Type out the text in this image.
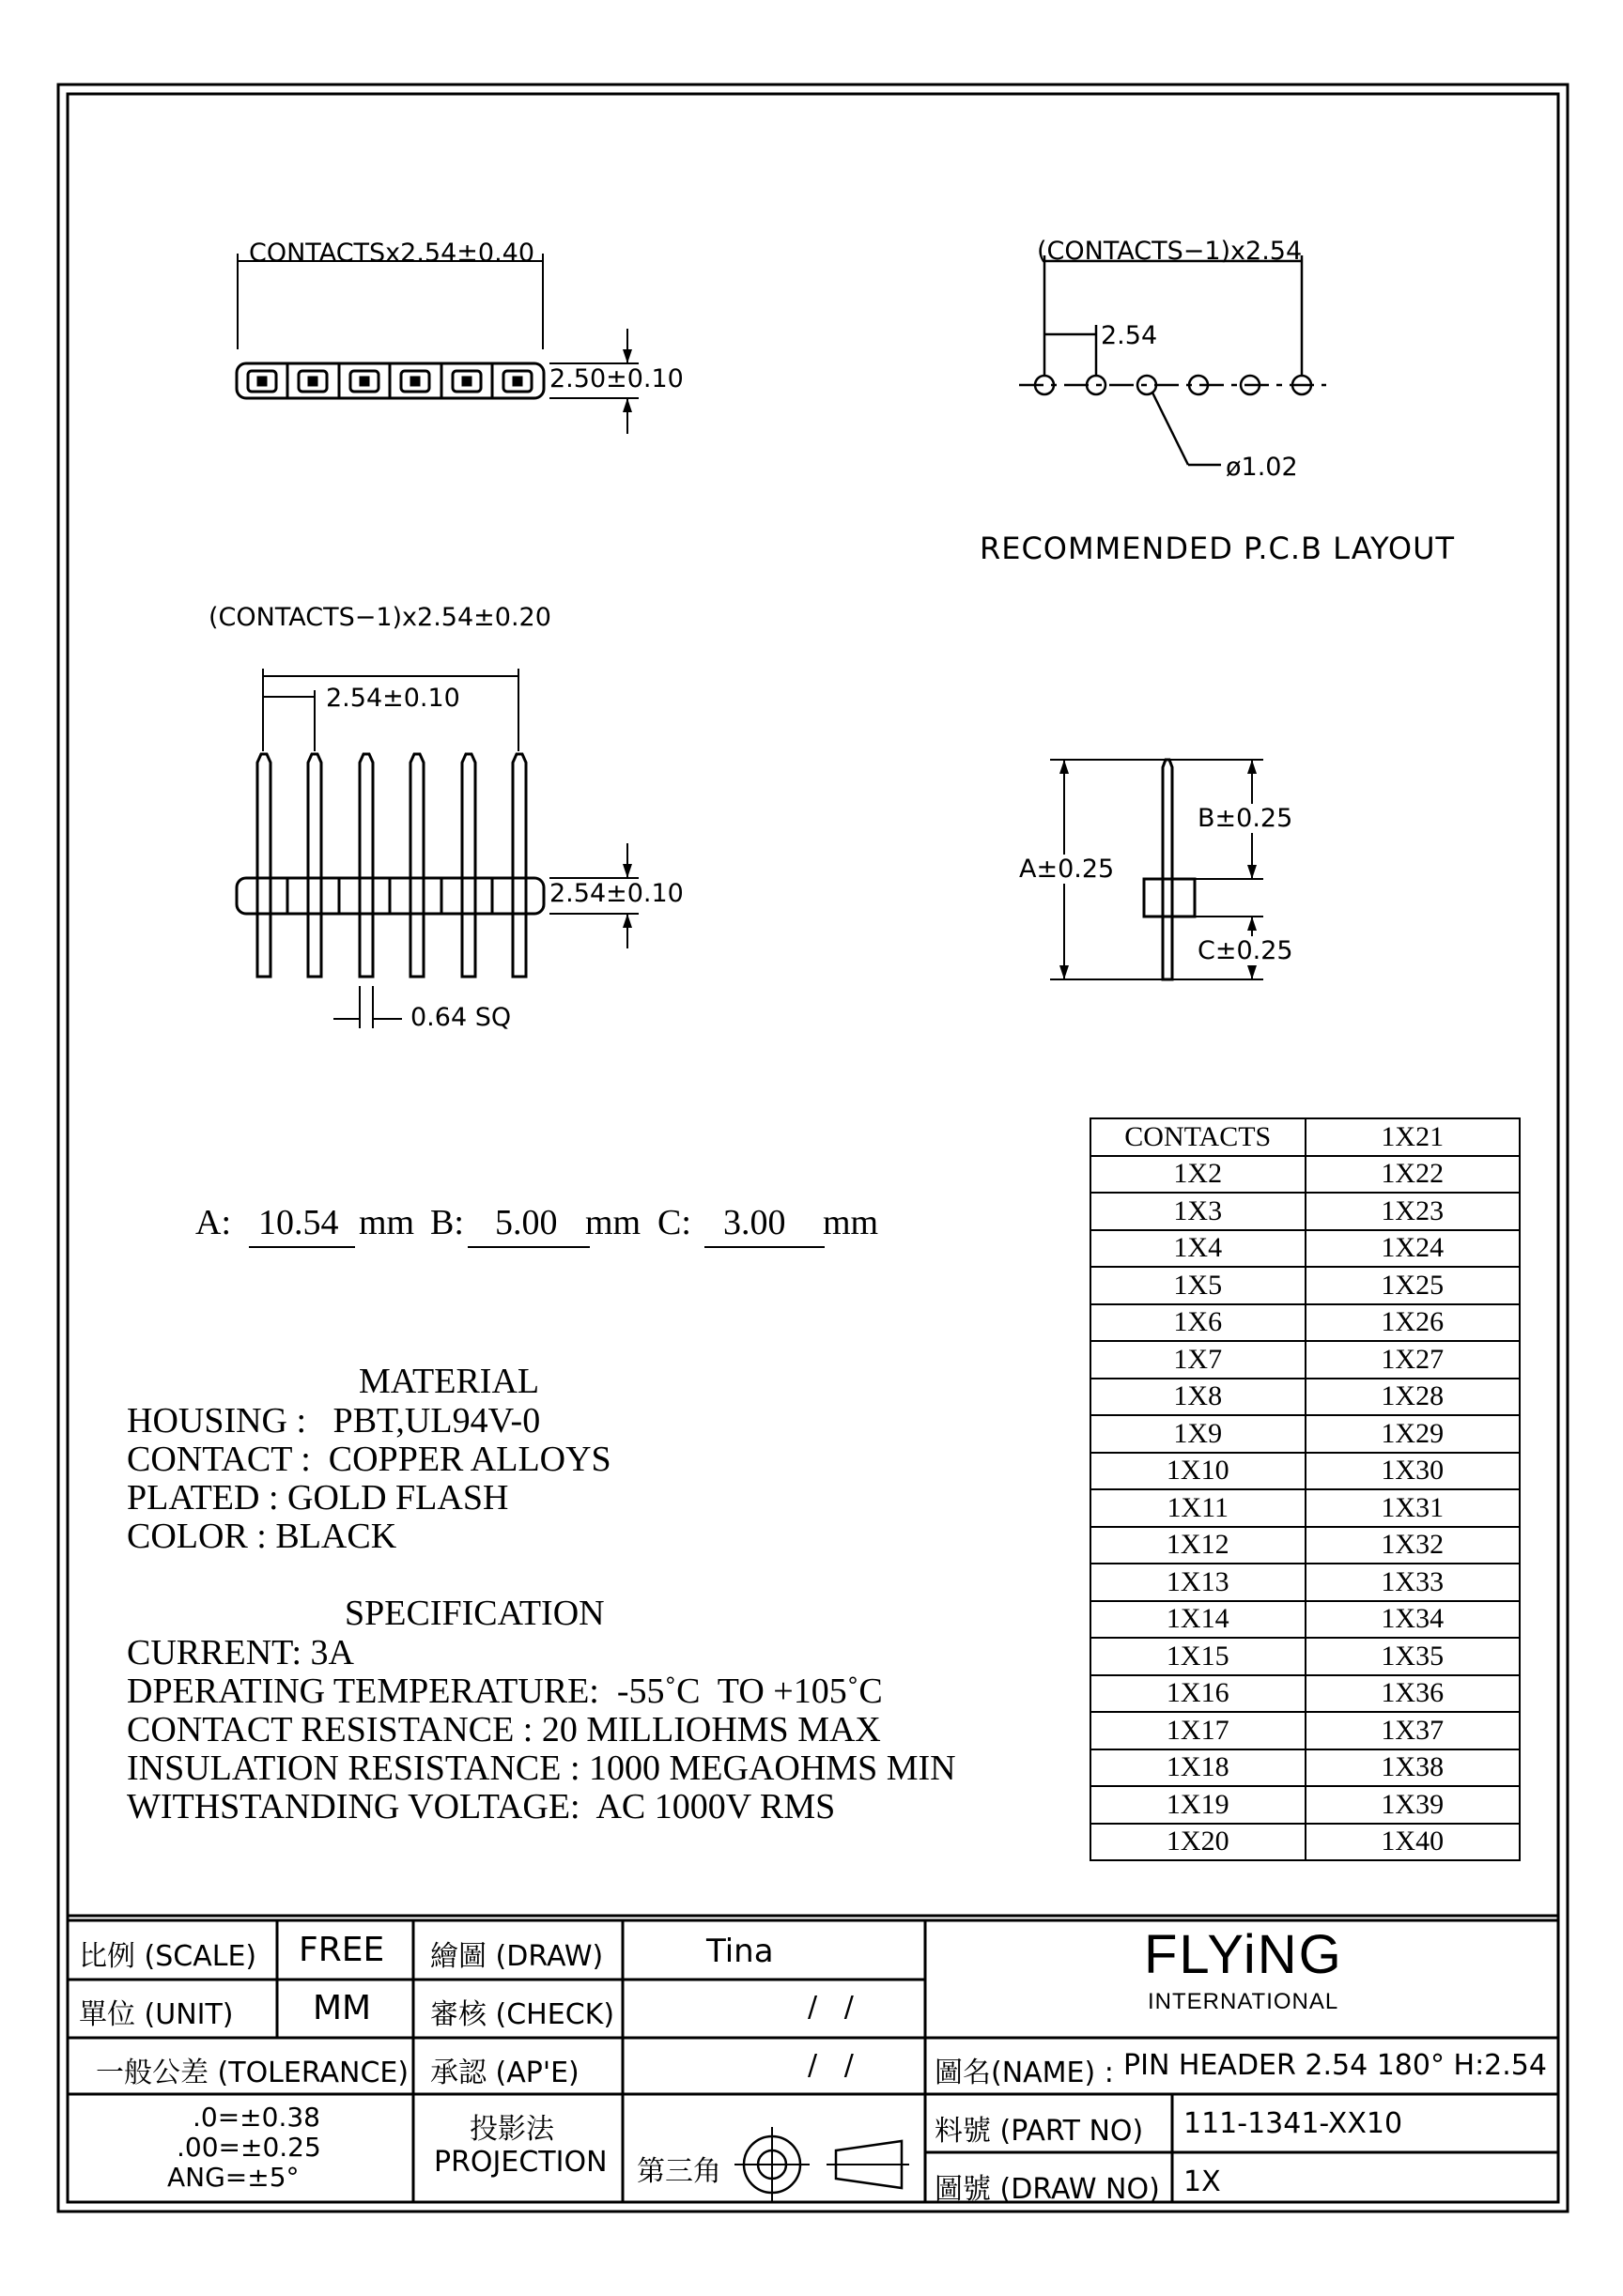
CONTACTSx2.54±0.40
2.50±0.10
(CONTACTS−1)x2.54
2.54
ø1.02
RECOMMENDED P.C.B LAYOUT
(CONTACTS−1)x2.54±0.20
2.54±0.10
2.54±0.10
0.64 SQ
A±0.25
B±0.25
C±0.25
A: 10.54 mm B: 5.00 mm C: 3.00 mm
MATERIAL
HOUSING :   PBT,UL94V-0
CONTACT :  COPPER ALLOYS
PLATED : GOLD FLASH
COLOR : BLACK
SPECIFICATION
CURRENT: 3A
DPERATING TEMPERATURE:  -55˚C  TO +105˚C
CONTACT RESISTANCE : 20 MILLIOHMS MAX
INSULATION RESISTANCE : 1000 MEGAOHMS MIN
WITHSTANDING VOLTAGE:  AC 1000V RMS
CONTACTS	1X21
1X2	1X22
1X3	1X23
1X4	1X24
1X5	1X25
1X6	1X26
1X7	1X27
1X8	1X28
1X9	1X29
1X10	1X30
1X11	1X31
1X12	1X32
1X13	1X33
1X14	1X34
1X15	1X35
1X16	1X36
1X17	1X37
1X18	1X38
1X19	1X39
1X20	1X40
比例 (SCALE) FREE
單位 (UNIT) MM
一般公差 (TOLERANCE)
.0=±0.38
.00=±0.25
ANG=±5°
繪圖 (DRAW)	Tina
審核 (CHECK)	/   /
承認 (AP'E)	/   /
投影法
PROJECTION 第三角
FLYiNG
INTERNATIONAL
圖名(NAME) : PIN HEADER 2.54 180° H:2.54
料號 (PART NO) 111-1341-XX10
圖號 (DRAW NO) 1X
